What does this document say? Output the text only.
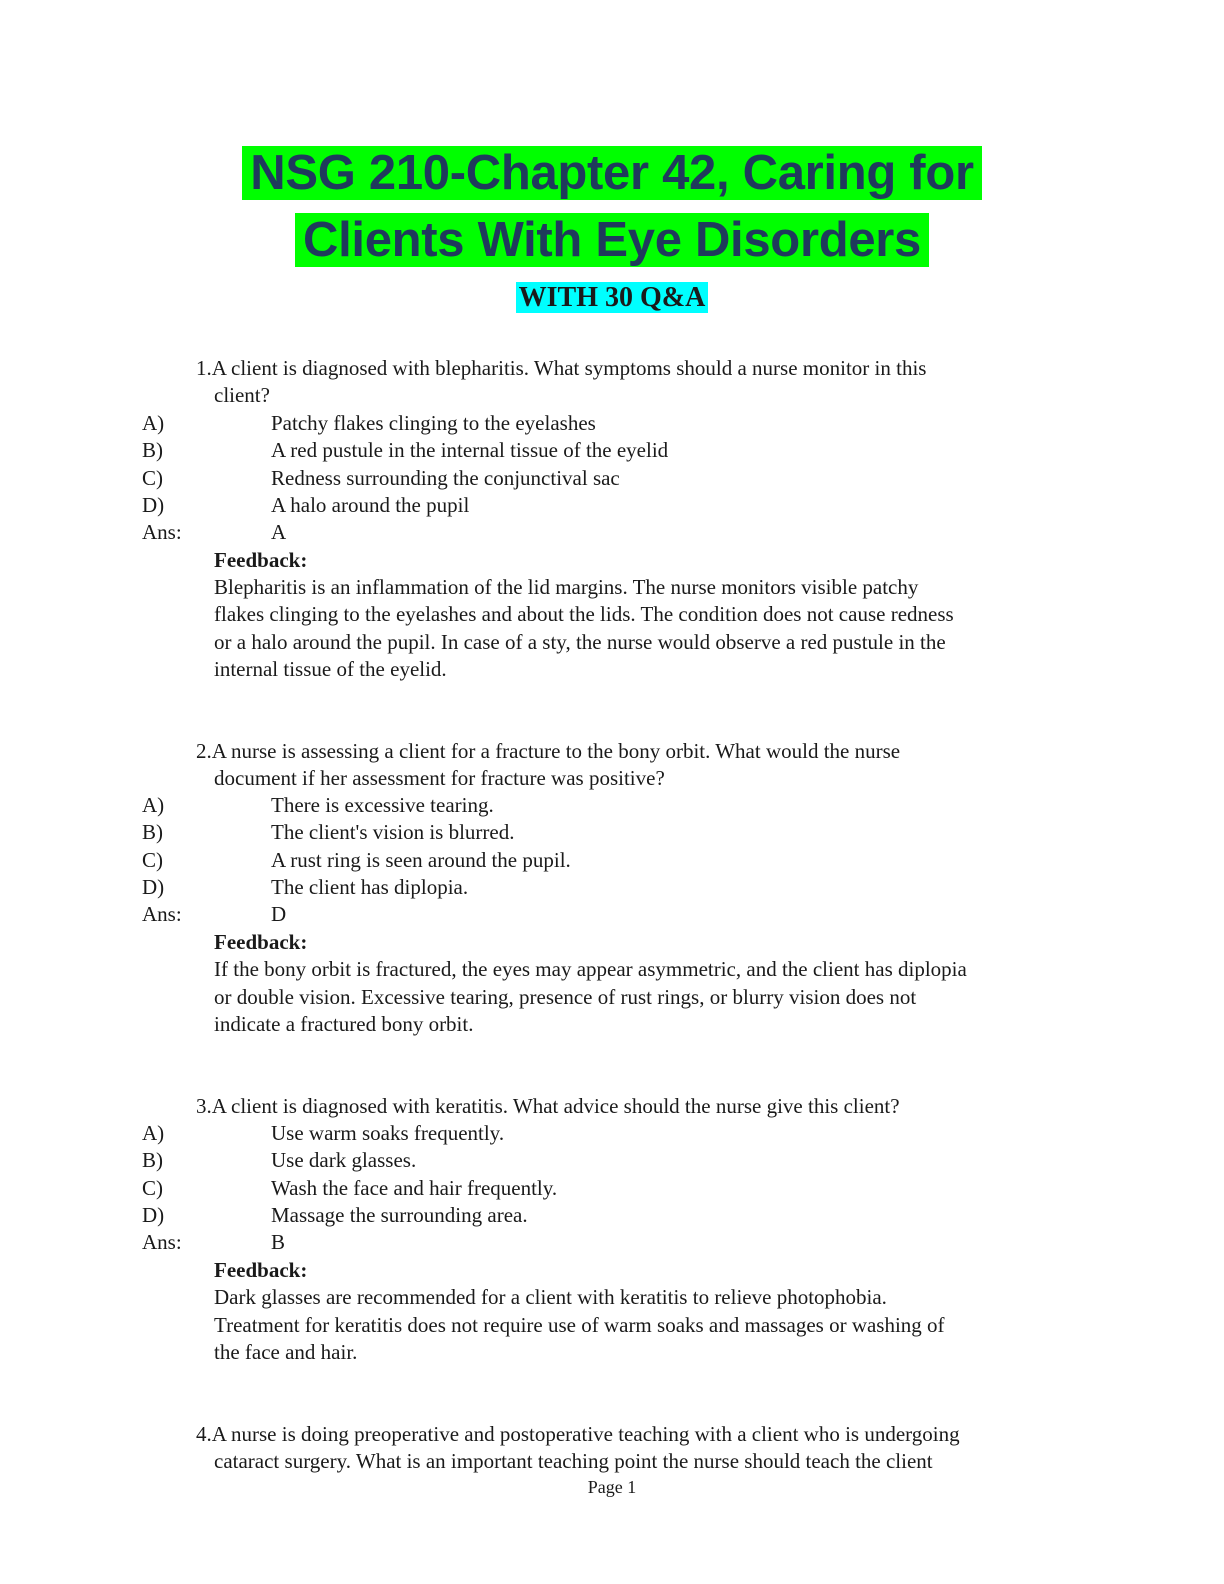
NSG 210-Chapter 42, Caring for
Clients With Eye Disorders
WITH 30 Q&A
1.A client is diagnosed with blepharitis. What symptoms should a nurse monitor in this
client?
A)	Patchy flakes clinging to the eyelashes
B)	A red pustule in the internal tissue of the eyelid
C)	Redness surrounding the conjunctival sac
D)	A halo around the pupil
Ans:	A
Feedback:
Blepharitis is an inflammation of the lid margins. The nurse monitors visible patchy
flakes clinging to the eyelashes and about the lids. The condition does not cause redness
or a halo around the pupil. In case of a sty, the nurse would observe a red pustule in the
internal tissue of the eyelid.
2.A nurse is assessing a client for a fracture to the bony orbit. What would the nurse
document if her assessment for fracture was positive?
A)	There is excessive tearing.
B)	The client's vision is blurred.
C)	A rust ring is seen around the pupil.
D)	The client has diplopia.
Ans:	D
Feedback:
If the bony orbit is fractured, the eyes may appear asymmetric, and the client has diplopia
or double vision. Excessive tearing, presence of rust rings, or blurry vision does not
indicate a fractured bony orbit.
3.A client is diagnosed with keratitis. What advice should the nurse give this client?
A)	Use warm soaks frequently.
B)	Use dark glasses.
C)	Wash the face and hair frequently.
D)	Massage the surrounding area.
Ans:	B
Feedback:
Dark glasses are recommended for a client with keratitis to relieve photophobia.
Treatment for keratitis does not require use of warm soaks and massages or washing of
the face and hair.
4.A nurse is doing preoperative and postoperative teaching with a client who is undergoing
cataract surgery. What is an important teaching point the nurse should teach the client
Page 1
